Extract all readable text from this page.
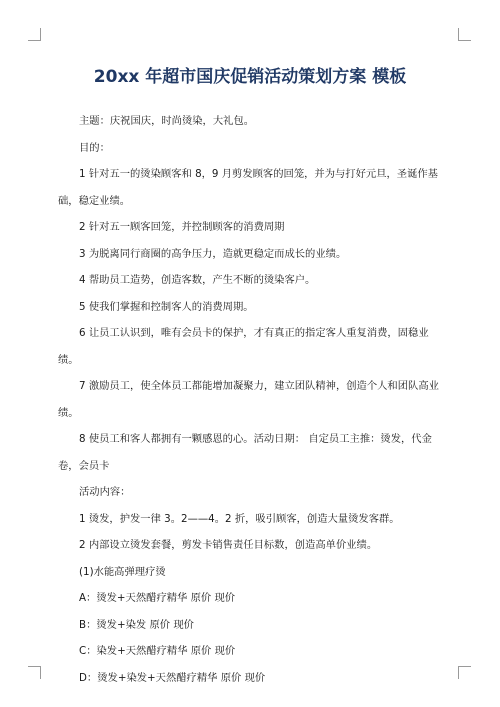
20xx 年超市国庆促销活动策划方案 模板

主题：庆祝国庆，时尚烫染，大礼包。

目的：

1 针对五一的烫染顾客和 8，9 月剪发顾客的回笼，并为与打好元旦，圣诞作基础，稳定业绩。

2 针对五一顾客回笼，并控制顾客的消费周期

3 为脱离同行商圈的高争压力，造就更稳定而成长的业绩。

4 帮助员工造势，创造客数，产生不断的烫染客户。

5 使我们掌握和控制客人的消费周期。

6 让员工认识到，唯有会员卡的保护，才有真正的指定客人重复消费，固稳业绩。

7 激励员工，使全体员工都能增加凝聚力，建立团队精神，创造个人和团队高业绩。

8 使员工和客人都拥有一颗感恩的心。活动日期： 自定员工主推：烫发，代金卷，会员卡

活动内容：

1 烫发，护发一律 3。2——4。2 折，吸引顾客，创造大量烫发客群。

2 内部设立烫发套餐，剪发卡销售责任目标数，创造高单价业绩。

(1)水能高弹理疗烫

A：烫发+天然醋疗精华 原价 现价

B：烫发+染发 原价 现价

C：染发+天然醋疗精华 原价 现价

D：烫发+染发+天然醋疗精华 原价 现价
